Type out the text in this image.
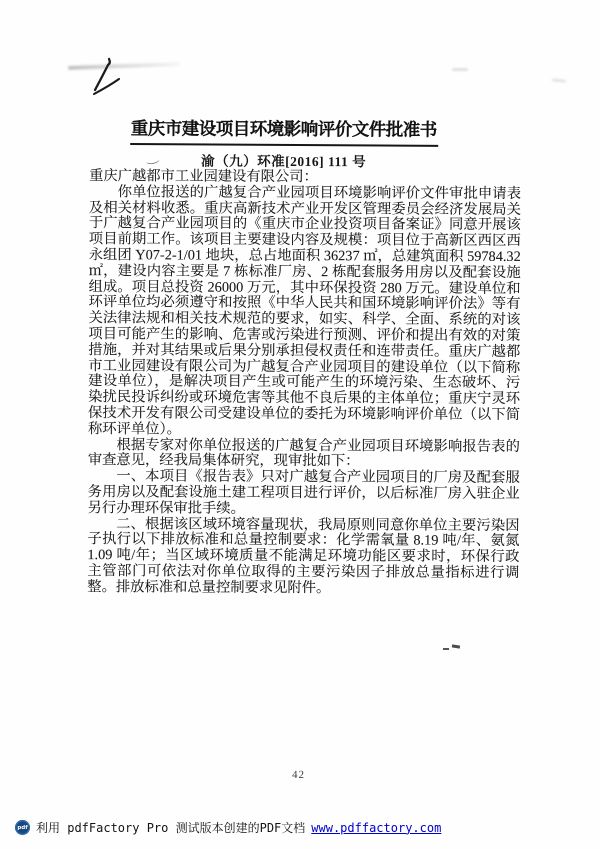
重庆市建设项目环境影响评价文件批准书
渝（九）环准[2016] 111 号

重庆广越都市工业园建设有限公司：

你单位报送的广越复合产业园项目环境影响评价文件审批申请表及相关材料收悉。重庆高新技术产业开发区管理委员会经济发展局关于广越复合产业园项目的《重庆市企业投资项目备案证》同意开展该项目前期工作。该项目主要建设内容及规模：项目位于高新区西区西永组团 Y07-2-1/01 地块，总占地面积 36237 ㎡，总建筑面积 59784.32 ㎡，建设内容主要是 7 栋标准厂房、2 栋配套服务用房以及配套设施组成。项目总投资 26000 万元，其中环保投资 280 万元。建设单位和环评单位均必须遵守和按照《中华人民共和国环境影响评价法》等有关法律法规和相关技术规范的要求，如实、科学、全面、系统的对该项目可能产生的影响、危害或污染进行预测、评价和提出有效的对策措施，并对其结果或后果分别承担侵权责任和连带责任。重庆广越都市工业园建设有限公司为广越复合产业园项目的建设单位（以下简称建设单位），是解决项目产生或可能产生的环境污染、生态破坏、污染扰民投诉纠纷或环境危害等其他不良后果的主体单位；重庆宁灵环保技术开发有限公司受建设单位的委托为环境影响评价单位（以下简称环评单位）。

根据专家对你单位报送的广越复合产业园项目环境影响报告表的审查意见，经我局集体研究，现审批如下：

一、本项目《报告表》只对广越复合产业园项目的厂房及配套服务用房以及配套设施土建工程项目进行评价，以后标准厂房入驻企业另行办理环保审批手续。

二、根据该区域环境容量现状，我局原则同意你单位主要污染因子执行以下排放标准和总量控制要求：化学需氧量 8.19 吨/年、氨氮 1.09 吨/年；当区域环境质量不能满足环境功能区要求时，环保行政主管部门可依法对你单位取得的主要污染因子排放总量指标进行调整。排放标准和总量控制要求见附件。

42
pdf 利用 pdfFactory Pro 测试版本创建的PDF文档 www.pdffactory.com
